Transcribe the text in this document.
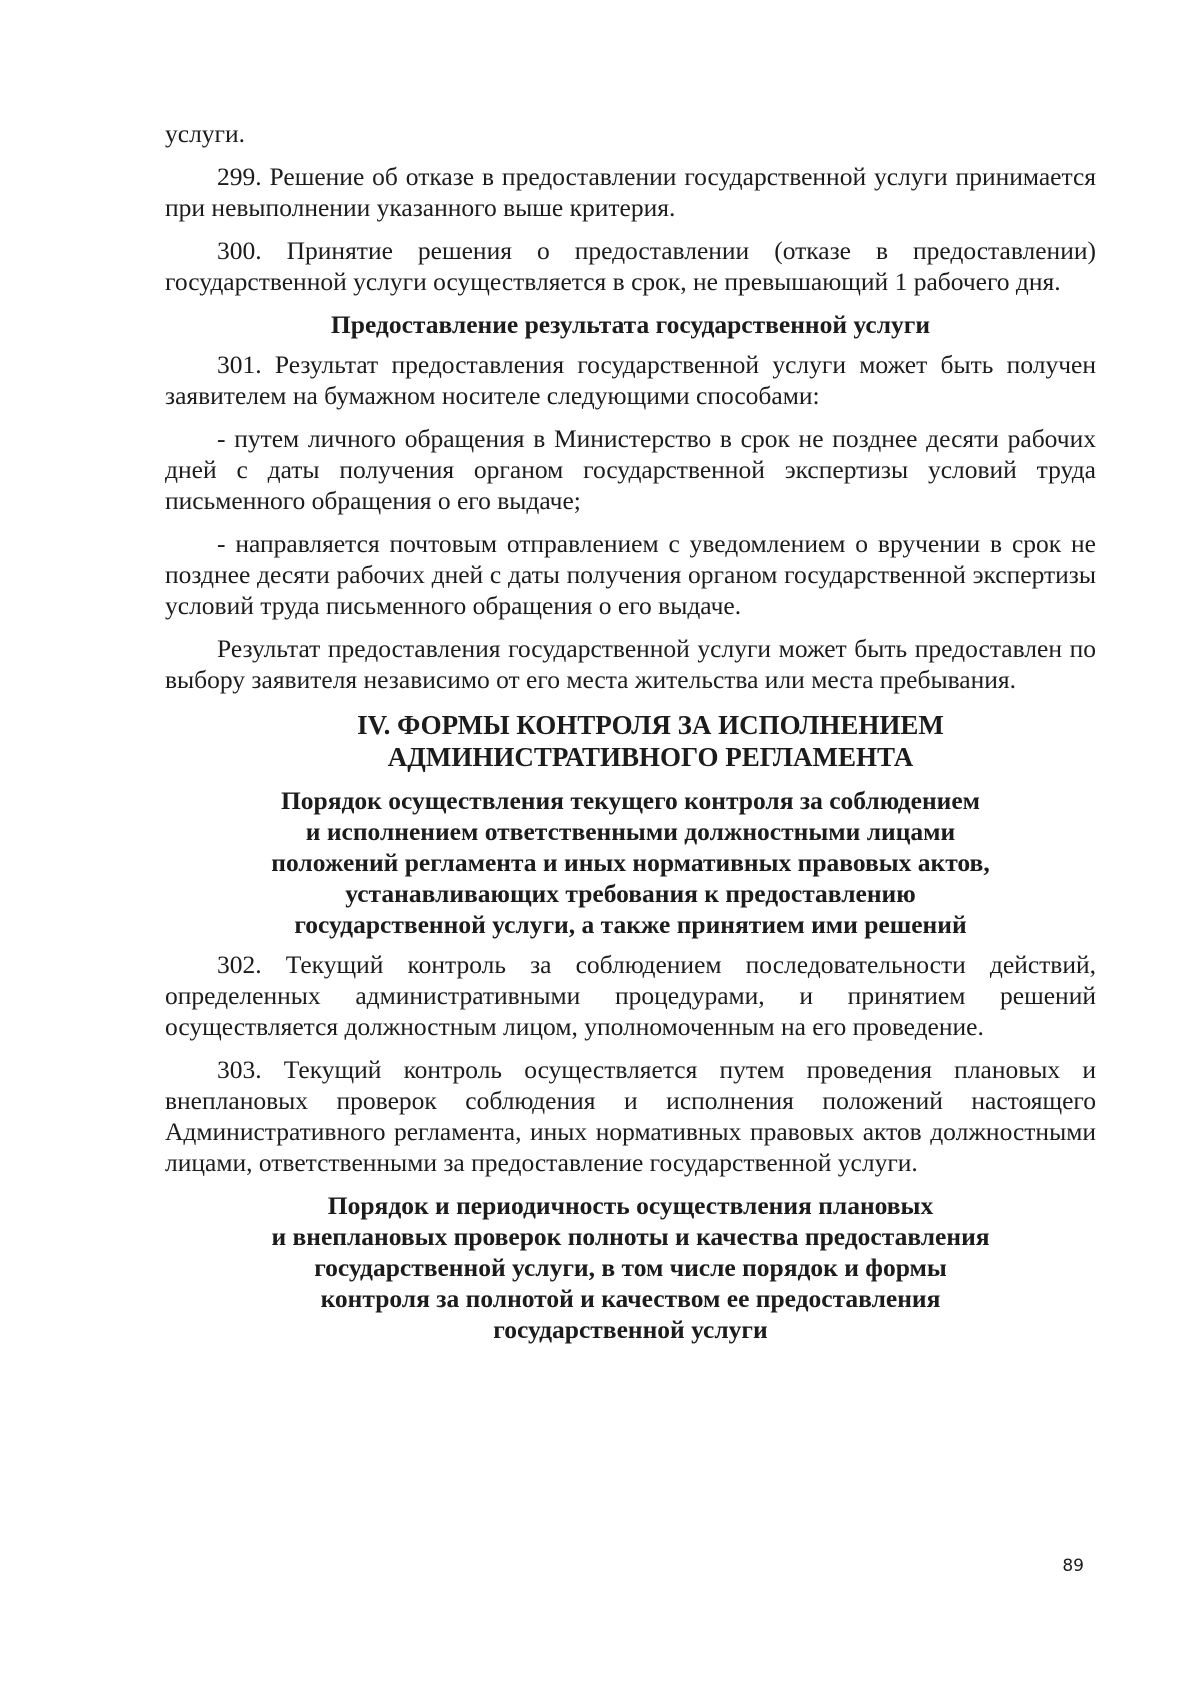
услуги.

299. Решение об отказе в предоставлении государственной услуги принимается при невыполнении указанного выше критерия.

300. Принятие решения о предоставлении (отказе в предоставлении) государственной услуги осуществляется в срок, не превышающий 1 рабочего дня.

Предоставление результата государственной услуги

301. Результат предоставления государственной услуги может быть получен заявителем на бумажном носителе следующими способами:

- путем личного обращения в Министерство в срок не позднее десяти рабочих дней с даты получения органом государственной экспертизы условий труда письменного обращения о его выдаче;

- направляется почтовым отправлением с уведомлением о вручении в срок не позднее десяти рабочих дней с даты получения органом государственной экспертизы условий труда письменного обращения о его выдаче.

Результат предоставления государственной услуги может быть предоставлен по выбору заявителя независимо от его места жительства или места пребывания.

IV. ФОРМЫ КОНТРОЛЯ ЗА ИСПОЛНЕНИЕМ
АДМИНИСТРАТИВНОГО РЕГЛАМЕНТА
Порядок осуществления текущего контроля за соблюдением
и исполнением ответственными должностными лицами
положений регламента и иных нормативных правовых актов,
устанавливающих требования к предоставлению
государственной услуги, а также принятием ими решений

302. Текущий контроль за соблюдением последовательности действий, определенных административными процедурами, и принятием решений осуществляется должностным лицом, уполномоченным на его проведение.

303. Текущий контроль осуществляется путем проведения плановых и внеплановых проверок соблюдения и исполнения положений настоящего Административного регламента, иных нормативных правовых актов должностными лицами, ответственными за предоставление государственной услуги.

Порядок и периодичность осуществления плановых
и внеплановых проверок полноты и качества предоставления
государственной услуги, в том числе порядок и формы
контроля за полнотой и качеством ее предоставления
государственной услуги
89
